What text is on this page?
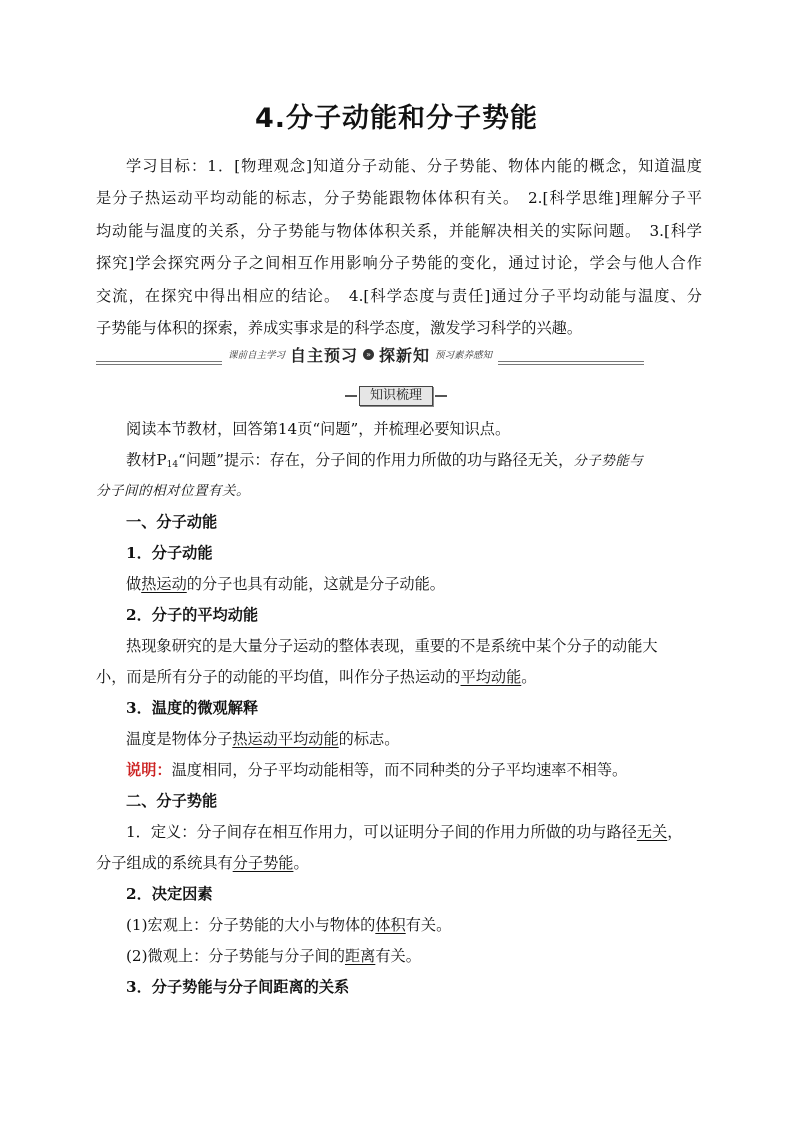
4.分子动能和分子势能
学习目标：1．[物理观念]知道分子动能、分子势能、物体内能的概念，知道温度
是分子热运动平均动能的标志，分子势能跟物体体积有关。　2.[科学思维]理解分子平
均动能与温度的关系，分子势能与物体体积关系，并能解决相关的实际问题。　3.[科学
探究]学会探究两分子之间相互作用影响分子势能的变化，通过讨论，学会与他人合作
交流，在探究中得出相应的结论。　4.[科学态度与责任]通过分子平均动能与温度、分
子势能与体积的探索，养成实事求是的科学态度，激发学习科学的兴趣。
课前自主学习 自主预习	» 探新知 预习素养感知
知识梳理
阅读本节教材，回答第14页“问题”，并梳理必要知识点。
教材$P_{14}“$问题”提示：存在，分子间的作用力所做的功与路径无关，分子势能与
分子间的相对位置有关。
一、分子动能
1．分子动能
做热运动的分子也具有动能，这就是分子动能。
2．分子的平均动能
热现象研究的是大量分子运动的整体表现，重要的不是系统中某个分子的动能大
小，而是所有分子的动能的平均值，叫作分子热运动的平均动能。
3．温度的微观解释
温度是物体分子热运动平均动能的标志。
说明：温度相同，分子平均动能相等，而不同种类的分子平均速率不相等。
二、分子势能
1．定义：分子间存在相互作用力，可以证明分子间的作用力所做的功与路径无关，
分子组成的系统具有分子势能。
2．决定因素
(1)宏观上：分子势能的大小与物体的体积有关。
(2)微观上：分子势能与分子间的距离有关。
3．分子势能与分子间距离的关系
